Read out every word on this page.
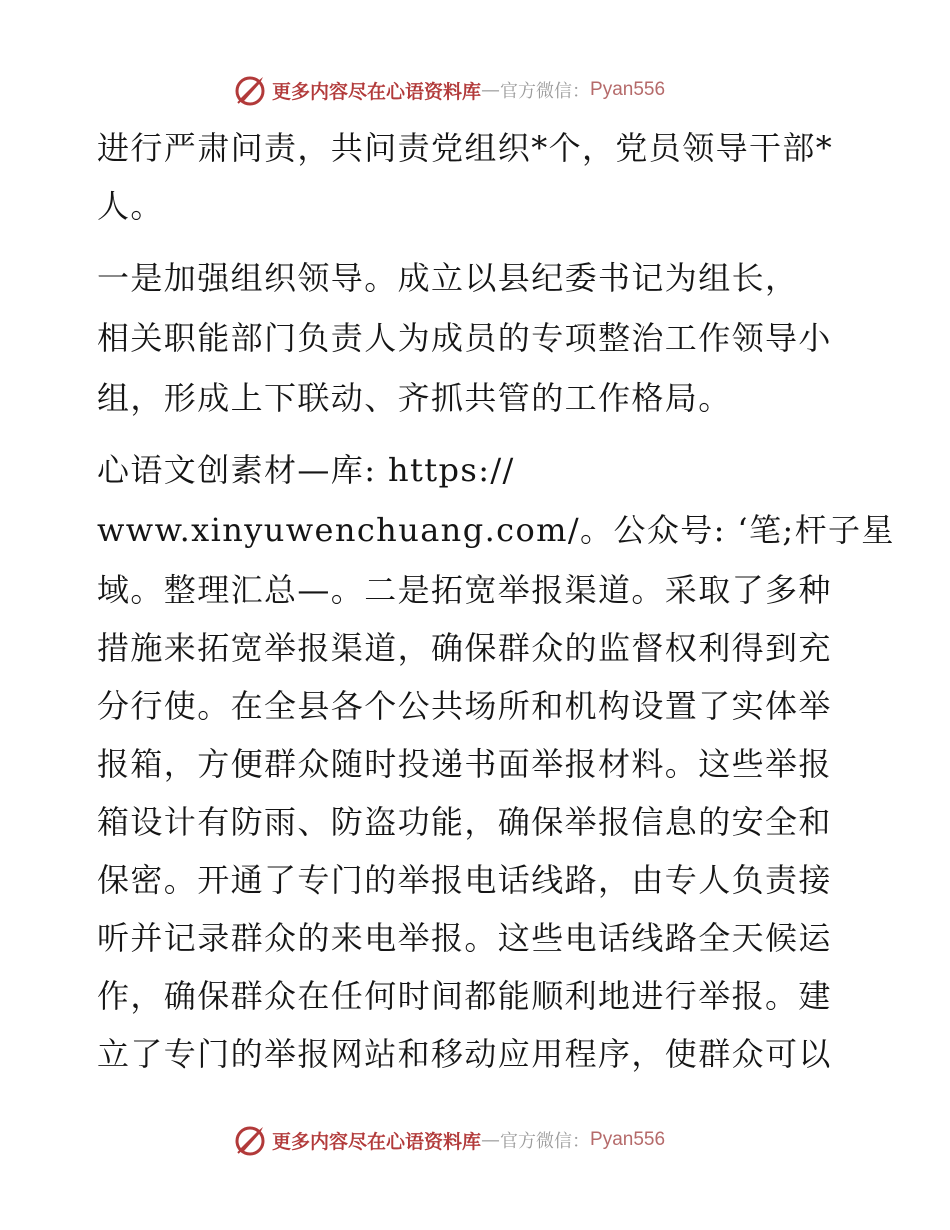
更多内容尽在心语资料库 — 官方微信： Pyan556
进行严肃问责，共问责党组织*个，党员领导干部*
人。
一是加强组织领导。成立以县纪委书记为组长，
相关职能部门负责人为成员的专项整治工作领导小
组，形成上下联动、齐抓共管的工作格局。
心语文创素材—库: https://
www.xinyuwenchuang.com/。公众号: ‘笔;杆子星
域。整理汇总—。二是拓宽举报渠道。采取了多种
措施来拓宽举报渠道，确保群众的监督权利得到充
分行使。在全县各个公共场所和机构设置了实体举
报箱，方便群众随时投递书面举报材料。这些举报
箱设计有防雨、防盗功能，确保举报信息的安全和
保密。开通了专门的举报电话线路，由专人负责接
听并记录群众的来电举报。这些电话线路全天候运
作，确保群众在任何时间都能顺利地进行举报。建
立了专门的举报网站和移动应用程序，使群众可以
更多内容尽在心语资料库 — 官方微信： Pyan556
